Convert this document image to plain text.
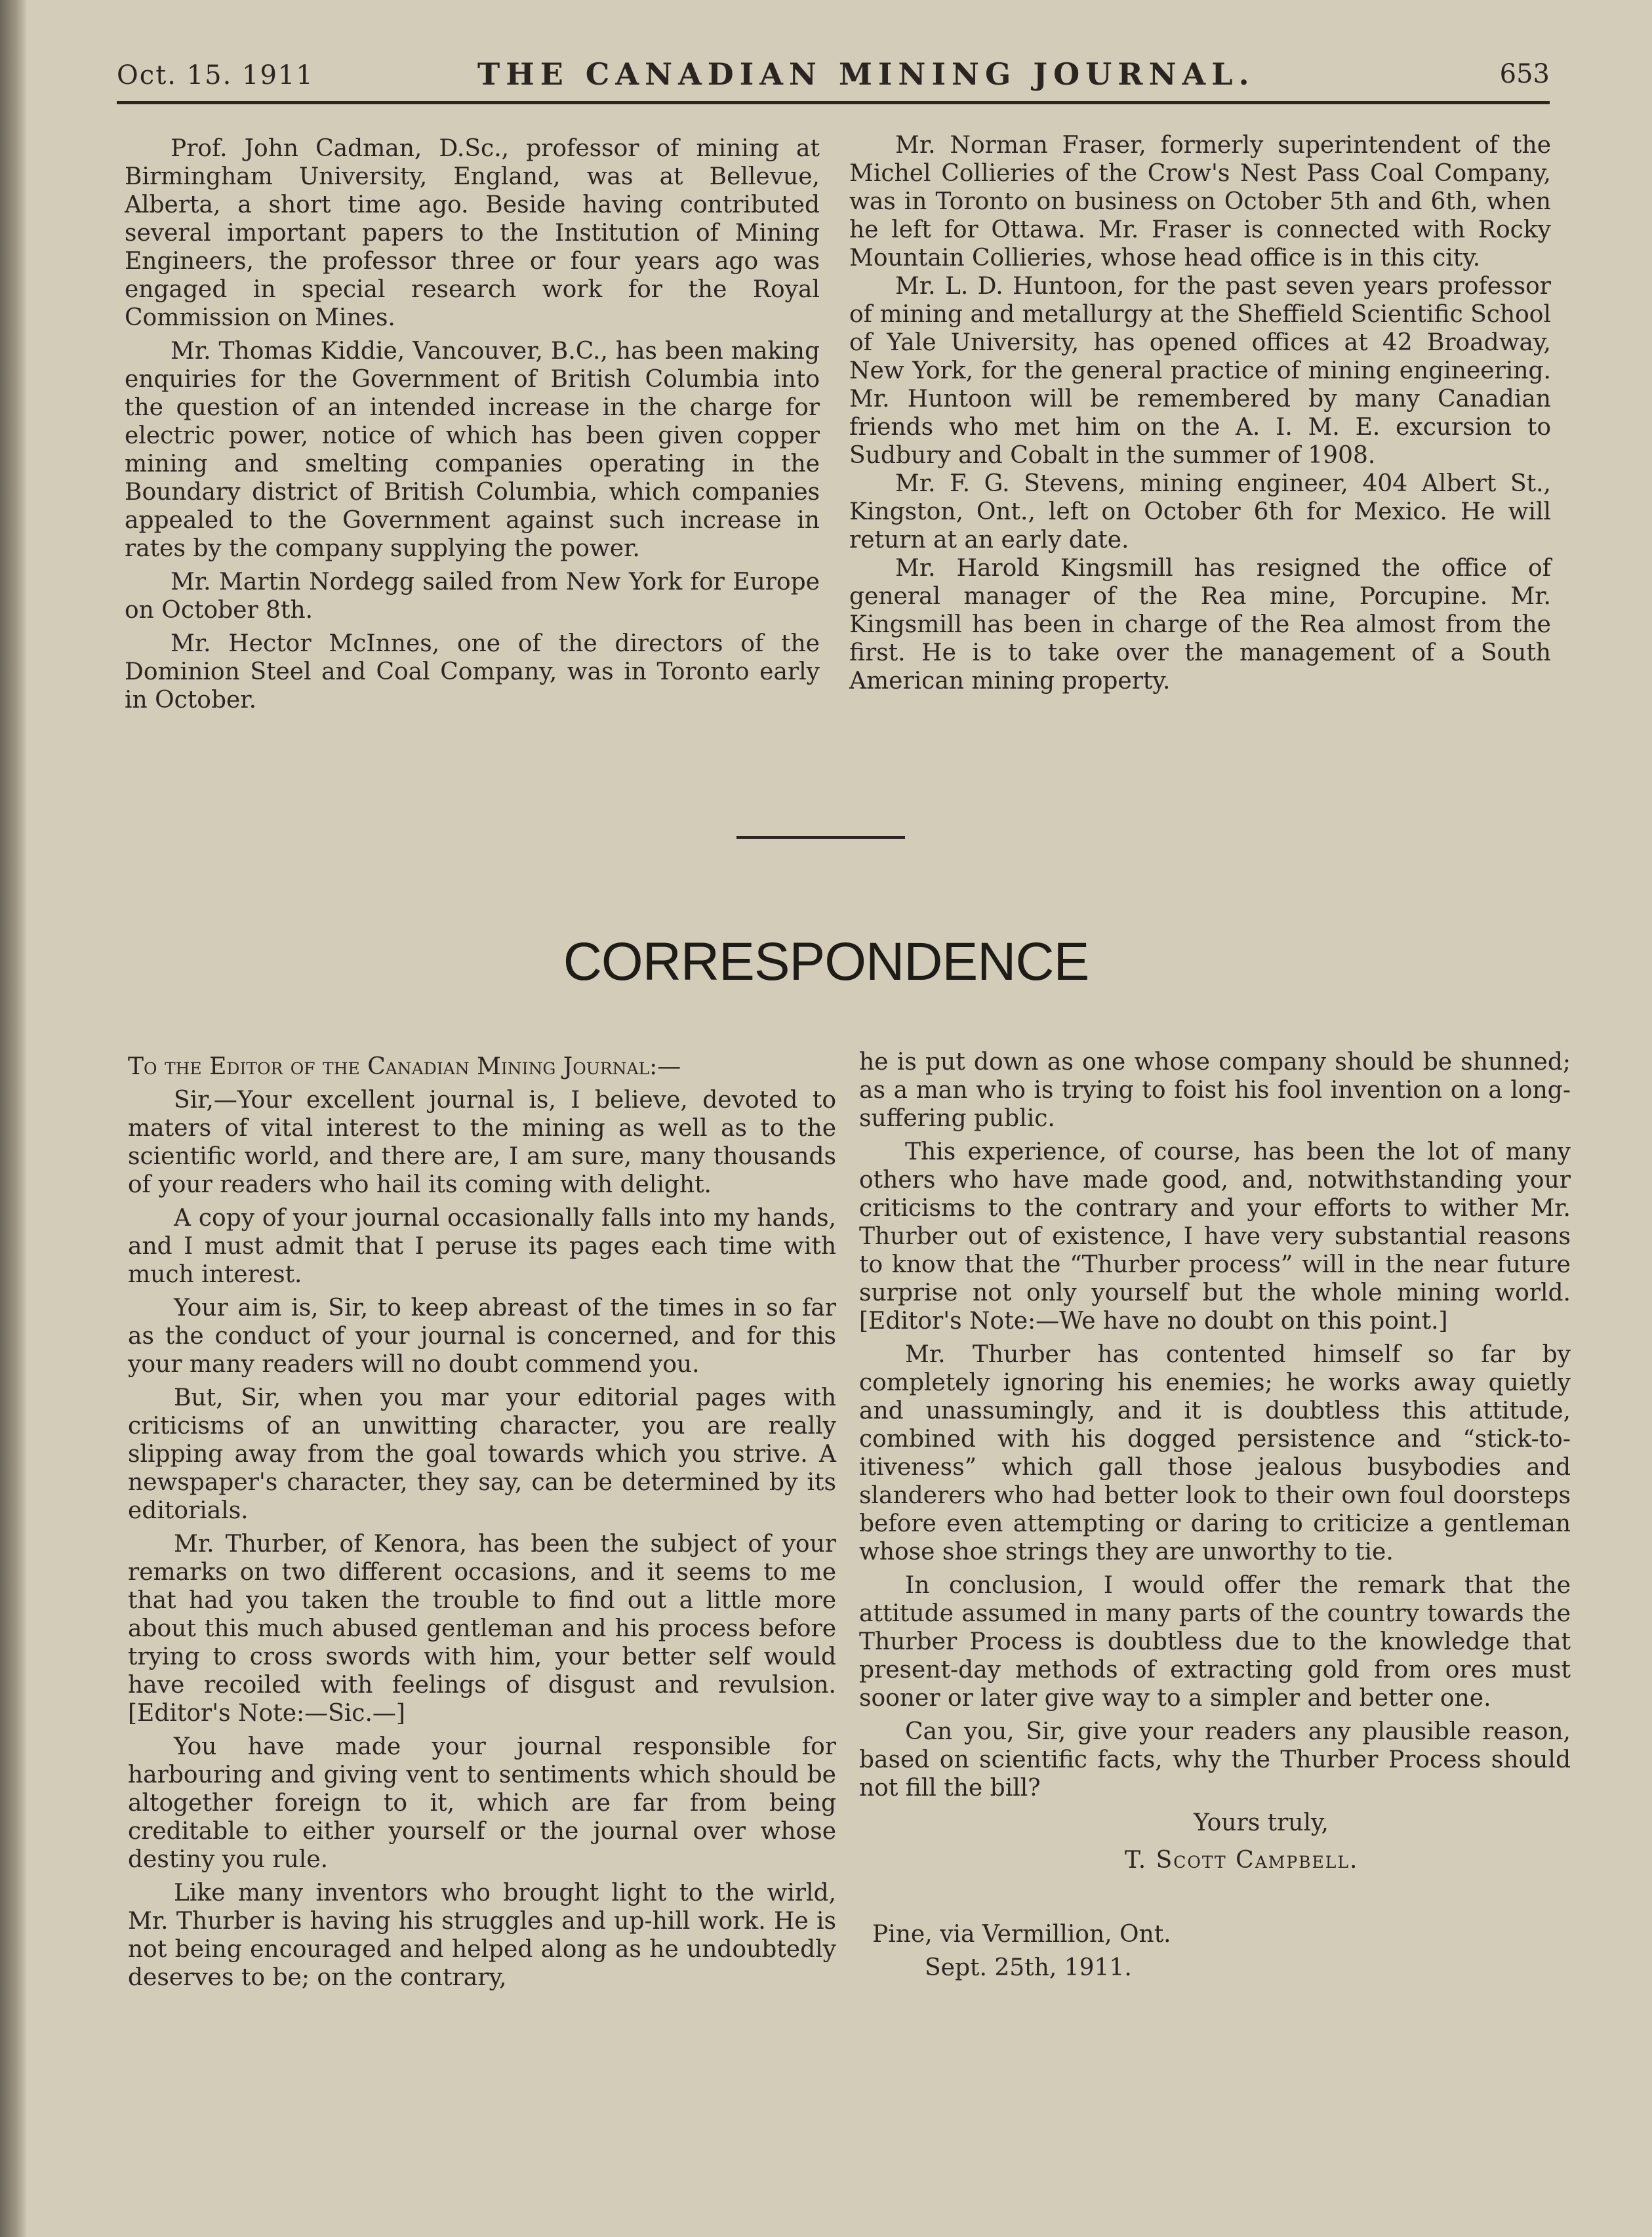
Oct. 15. 1911	THE CANADIAN MINING JOURNAL.	653

Prof. John Cadman, D.Sc., professor of mining at Birmingham University, England, was at Bellevue, Alberta, a short time ago. Beside having contributed several important papers to the Institution of Mining Engineers, the professor three or four years ago was engaged in special research work for the Royal Commission on Mines.

Mr. Thomas Kiddie, Vancouver, B.C., has been making enquiries for the Government of British Columbia into the question of an intended increase in the charge for electric power, notice of which has been given copper mining and smelting companies operating in the Boundary district of British Columbia, which companies appealed to the Government against such increase in rates by the company supplying the power.

Mr. Martin Nordegg sailed from New York for Europe on October 8th.

Mr. Hector McInnes, one of the directors of the Dominion Steel and Coal Company, was in Toronto early in October.

Mr. Norman Fraser, formerly superintendent of the Michel Collieries of the Crow's Nest Pass Coal Company, was in Toronto on business on October 5th and 6th, when he left for Ottawa. Mr. Fraser is connected with Rocky Mountain Collieries, whose head office is in this city.

Mr. L. D. Huntoon, for the past seven years professor of mining and metallurgy at the Sheffield Scientific School of Yale University, has opened offices at 42 Broadway, New York, for the general practice of mining engineering. Mr. Huntoon will be remembered by many Canadian friends who met him on the A. I. M. E. excursion to Sudbury and Cobalt in the summer of 1908.

Mr. F. G. Stevens, mining engineer, 404 Albert St., Kingston, Ont., left on October 6th for Mexico. He will return at an early date.

Mr. Harold Kingsmill has resigned the office of general manager of the Rea mine, Porcupine. Mr. Kingsmill has been in charge of the Rea almost from the first. He is to take over the management of a South American mining property.

CORRESPONDENCE

To the Editor of the Canadian Mining Journal:—

Sir,—Your excellent journal is, I believe, devoted to maters of vital interest to the mining as well as to the scientific world, and there are, I am sure, many thousands of your readers who hail its coming with delight.

A copy of your journal occasionally falls into my hands, and I must admit that I peruse its pages each time with much interest.

Your aim is, Sir, to keep abreast of the times in so far as the conduct of your journal is concerned, and for this your many readers will no doubt commend you.

But, Sir, when you mar your editorial pages with criticisms of an unwitting character, you are really slipping away from the goal towards which you strive. A newspaper's character, they say, can be determined by its editorials.

Mr. Thurber, of Kenora, has been the subject of your remarks on two different occasions, and it seems to me that had you taken the trouble to find out a little more about this much abused gentleman and his process before trying to cross swords with him, your better self would have recoiled with feelings of disgust and revulsion. [Editor's Note:—Sic.—]

You have made your journal responsible for harbouring and giving vent to sentiments which should be altogether foreign to it, which are far from being creditable to either yourself or the journal over whose destiny you rule.

Like many inventors who brought light to the wirld, Mr. Thurber is having his struggles and up-hill work. He is not being encouraged and helped along as he undoubtedly deserves to be; on the contrary,

he is put down as one whose company should be shunned; as a man who is trying to foist his fool invention on a long-suffering public.

This experience, of course, has been the lot of many others who have made good, and, notwithstanding your criticisms to the contrary and your efforts to wither Mr. Thurber out of existence, I have very substantial reasons to know that the “Thurber process” will in the near future surprise not only yourself but the whole mining world. [Editor's Note:—We have no doubt on this point.]

Mr. Thurber has contented himself so far by completely ignoring his enemies; he works away quietly and unassumingly, and it is doubtless this attitude, combined with his dogged persistence and “stick-to-itiveness” which gall those jealous busybodies and slanderers who had better look to their own foul doorsteps before even attempting or daring to criticize a gentleman whose shoe strings they are unworthy to tie.

In conclusion, I would offer the remark that the attitude assumed in many parts of the country towards the Thurber Process is doubtless due to the knowledge that present-day methods of extracting gold from ores must sooner or later give way to a simpler and better one.

Can you, Sir, give your readers any plausible reason, based on scientific facts, why the Thurber Process should not fill the bill?

Yours truly,

T. Scott Campbell.

Pine, via Vermillion, Ont.

Sept. 25th, 1911.
